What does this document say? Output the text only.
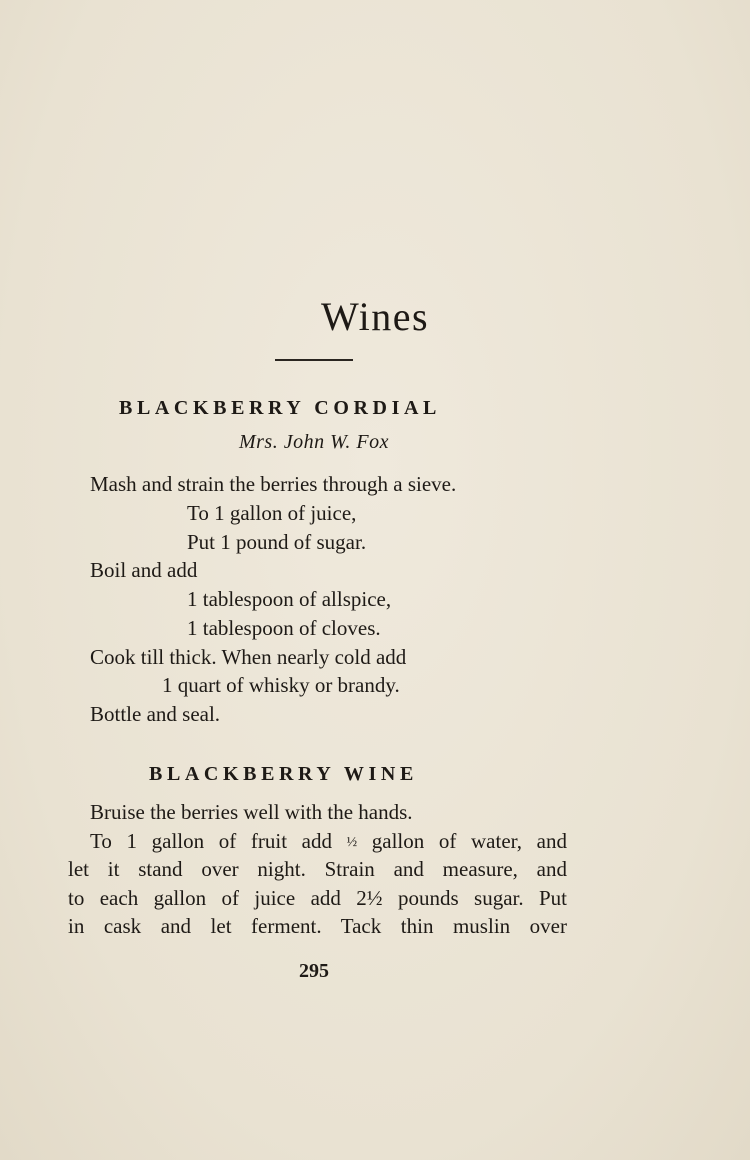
Wines
BLACKBERRY CORDIAL
Mrs. John W. Fox
Mash and strain the berries through a sieve.
To 1 gallon of juice,
Put 1 pound of sugar.
Boil and add
1 tablespoon of allspice,
1 tablespoon of cloves.
Cook till thick. When nearly cold add
1 quart of whisky or brandy.
Bottle and seal.
BLACKBERRY WINE
Bruise the berries well with the hands.
To 1 gallon of fruit add ½ gallon of water, and
let it stand over night. Strain and measure, and
to each gallon of juice add 2½ pounds sugar. Put
in cask and let ferment. Tack thin muslin over
295
